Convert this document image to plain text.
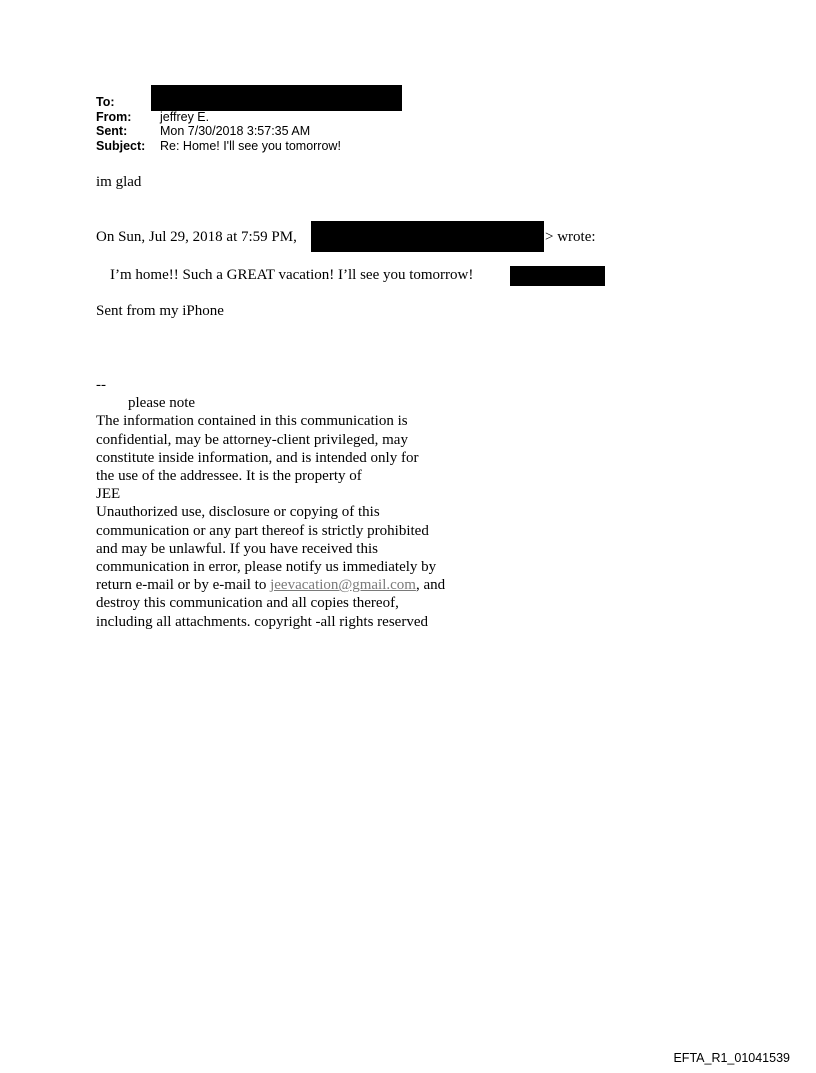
To:
From:	jeffrey E.
Sent:	Mon 7/30/2018 3:57:35 AM
Subject:	Re: Home! I'll see you tomorrow!
im glad
On Sun, Jul 29, 2018 at 7:59 PM,	> wrote:
I’m home!! Such a GREAT vacation! I’ll see you tomorrow!
Sent from my iPhone
--
please note
The information contained in this communication is
confidential, may be attorney-client privileged, may
constitute inside information, and is intended only for
the use of the addressee. It is the property of
JEE
Unauthorized use, disclosure or copying of this
communication or any part thereof is strictly prohibited
and may be unlawful. If you have received this
communication in error, please notify us immediately by
return e-mail or by e-mail to jeevacation@gmail.com, and
destroy this communication and all copies thereof,
including all attachments. copyright -all rights reserved
EFTA_R1_01041539
